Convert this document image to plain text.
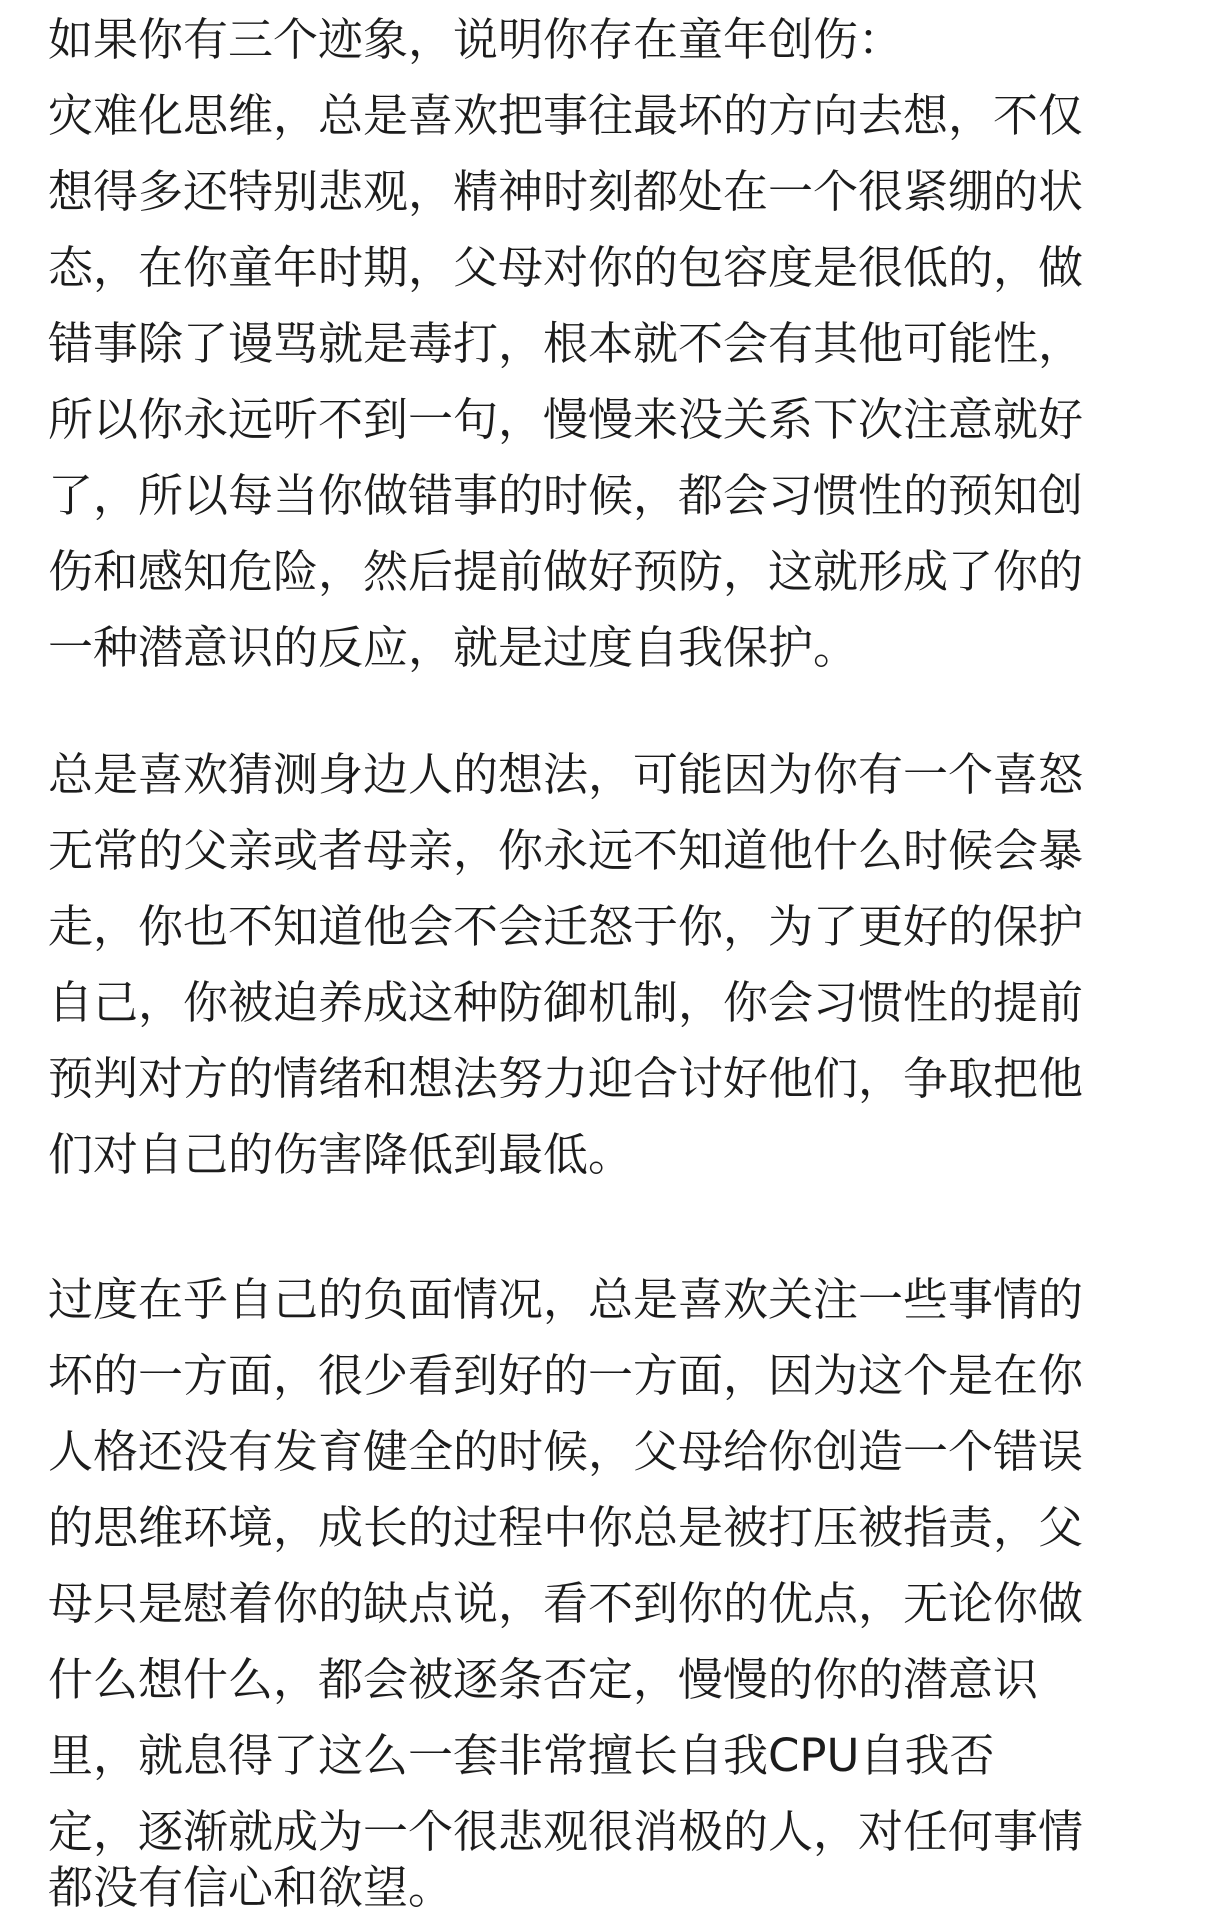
如果你有三个迹象，说明你存在童年创伤：
灾难化思维，总是喜欢把事往最坏的方向去想，不仅
想得多还特别悲观，精神时刻都处在一个很紧绷的状
态，在你童年时期，父母对你的包容度是很低的，做
错事除了谩骂就是毒打，根本就不会有其他可能性，
所以你永远听不到一句，慢慢来没关系下次注意就好
了，所以每当你做错事的时候，都会习惯性的预知创
伤和感知危险，然后提前做好预防，这就形成了你的
一种潜意识的反应，就是过度自我保护。
总是喜欢猜测身边人的想法，可能因为你有一个喜怒
无常的父亲或者母亲，你永远不知道他什么时候会暴
走，你也不知道他会不会迁怒于你，为了更好的保护
自己，你被迫养成这种防御机制，你会习惯性的提前
预判对方的情绪和想法努力迎合讨好他们，争取把他
们对自己的伤害降低到最低。
过度在乎自己的负面情况，总是喜欢关注一些事情的
坏的一方面，很少看到好的一方面，因为这个是在你
人格还没有发育健全的时候，父母给你创造一个错误
的思维环境，成长的过程中你总是被打压被指责，父
母只是慰着你的缺点说，看不到你的优点，无论你做
什么想什么，都会被逐条否定，慢慢的你的潜意识
里，就息得了这么一套非常擅长自我CPU自我否
定，逐渐就成为一个很悲观很消极的人，对任何事情
都没有信心和欲望。
